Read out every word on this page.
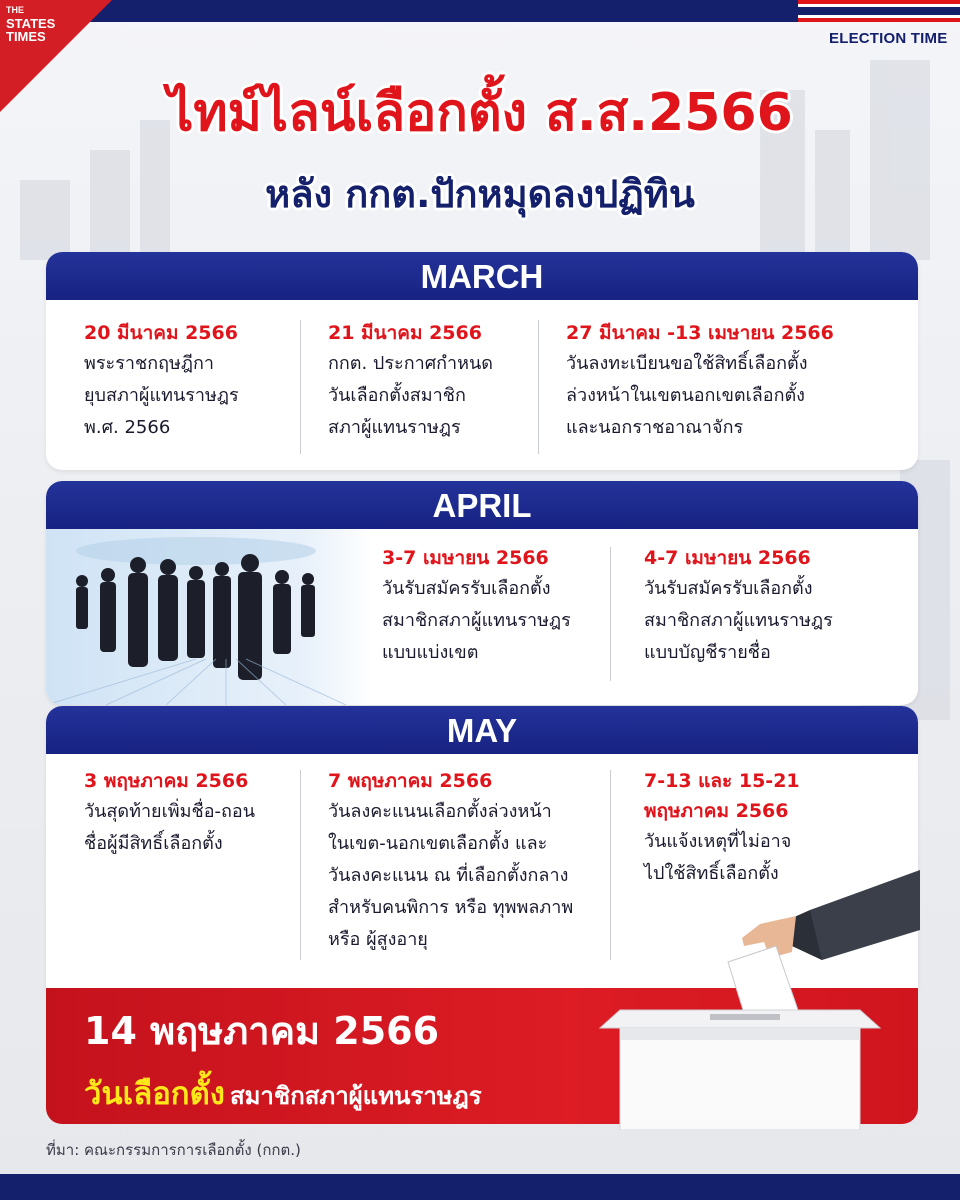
THE
STATES
TIMES	ELECTION TIME
ไทม์ไลน์เลือกตั้ง ส.ส.2566
หลัง กกต.ปักหมุดลงปฏิทิน
MARCH
20 มีนาคม 2566
พระราชกฤษฎีกา
ยุบสภาผู้แทนราษฎร
พ.ศ. 2566
21 มีนาคม 2566
กกต. ประกาศกำหนด
วันเลือกตั้งสมาชิก
สภาผู้แทนราษฎร
27 มีนาคม -13 เมษายน 2566
วันลงทะเบียนขอใช้สิทธิ์เลือกตั้ง
ล่วงหน้าในเขตนอกเขตเลือกตั้ง
และนอกราชอาณาจักร
APRIL
3-7 เมษายน 2566
วันรับสมัครรับเลือกตั้ง
สมาชิกสภาผู้แทนราษฎร
แบบแบ่งเขต
4-7 เมษายน 2566
วันรับสมัครรับเลือกตั้ง
สมาชิกสภาผู้แทนราษฎร
แบบบัญชีรายชื่อ
MAY
3 พฤษภาคม 2566
วันสุดท้ายเพิ่มชื่อ-ถอน
ชื่อผู้มีสิทธิ์เลือกตั้ง
7 พฤษภาคม 2566
วันลงคะแนนเลือกตั้งล่วงหน้า
ในเขต-นอกเขตเลือกตั้ง และ
วันลงคะแนน ณ ที่เลือกตั้งกลาง
สำหรับคนพิการ หรือ ทุพพลภาพ
หรือ ผู้สูงอายุ
7-13 และ 15-21
พฤษภาคม 2566
วันแจ้งเหตุที่ไม่อาจ
ไปใช้สิทธิ์เลือกตั้ง
14 พฤษภาคม 2566
วันเลือกตั้ง สมาชิกสภาผู้แทนราษฎร
ที่มา: คณะกรรมการการเลือกตั้ง (กกต.)
